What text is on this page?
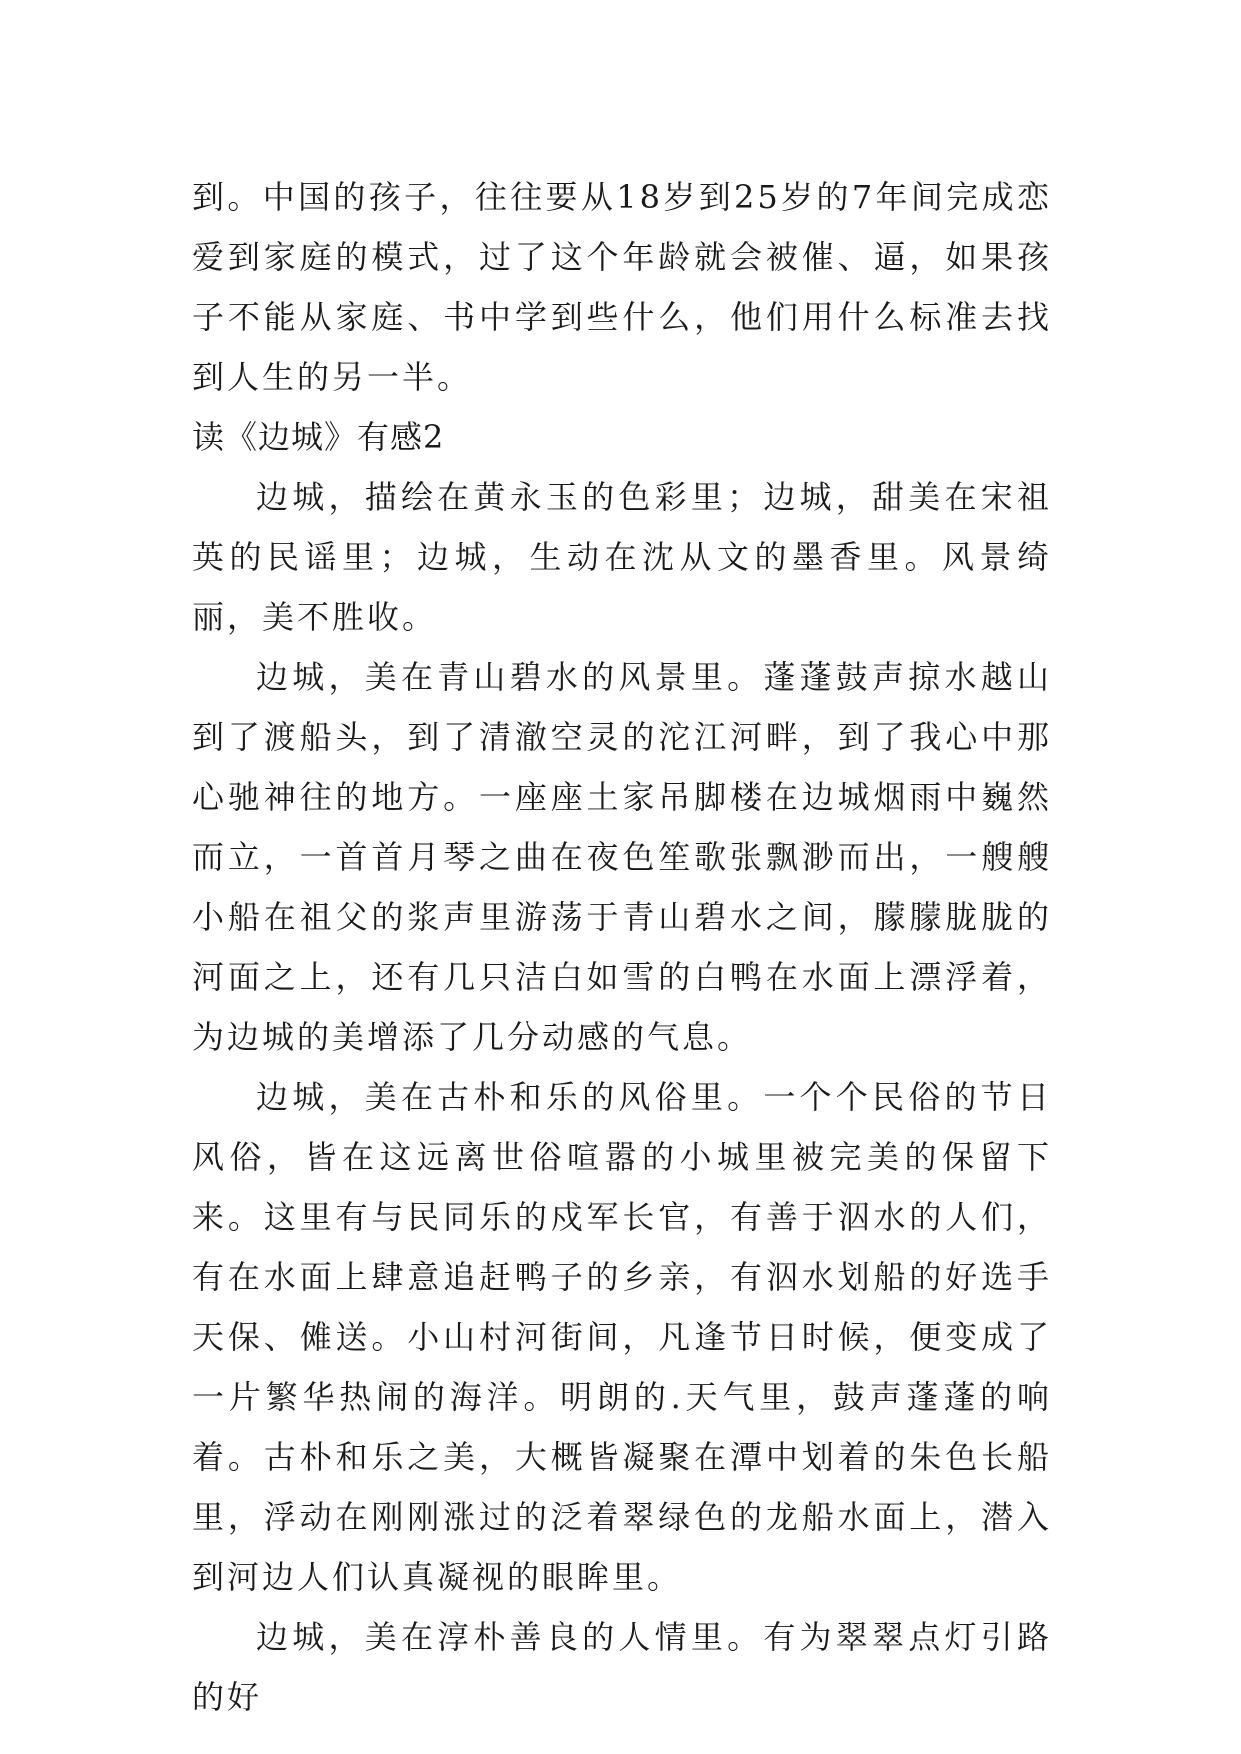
到。中国的孩子，往往要从18岁到25岁的7年间完成恋爱到家庭的模式，过了这个年龄就会被催、逼，如果孩子不能从家庭、书中学到些什么，他们用什么标准去找到人生的另一半。

读《边城》有感2

边城，描绘在黄永玉的色彩里；边城，甜美在宋祖英的民谣里；边城，生动在沈从文的墨香里。风景绮丽，美不胜收。

边城，美在青山碧水的风景里。蓬蓬鼓声掠水越山到了渡船头，到了清澈空灵的沱江河畔，到了我心中那心驰神往的地方。一座座土家吊脚楼在边城烟雨中巍然而立，一首首月琴之曲在夜色笙歌张飘渺而出，一艘艘小船在祖父的浆声里游荡于青山碧水之间，朦朦胧胧的河面之上，还有几只洁白如雪的白鸭在水面上漂浮着，为边城的美增添了几分动感的气息。

边城，美在古朴和乐的风俗里。一个个民俗的节日风俗，皆在这远离世俗喧嚣的小城里被完美的保留下来。这里有与民同乐的戍军长官，有善于泅水的人们，有在水面上肆意追赶鸭子的乡亲，有泅水划船的好选手天保、傩送。小山村河街间，凡逢节日时候，便变成了一片繁华热闹的海洋。明朗的.天气里，鼓声蓬蓬的响着。古朴和乐之美，大概皆凝聚在潭中划着的朱色长船里，浮动在刚刚涨过的泛着翠绿色的龙船水面上，潜入到河边人们认真凝视的眼眸里。

边城，美在淳朴善良的人情里。有为翠翠点灯引路的好
